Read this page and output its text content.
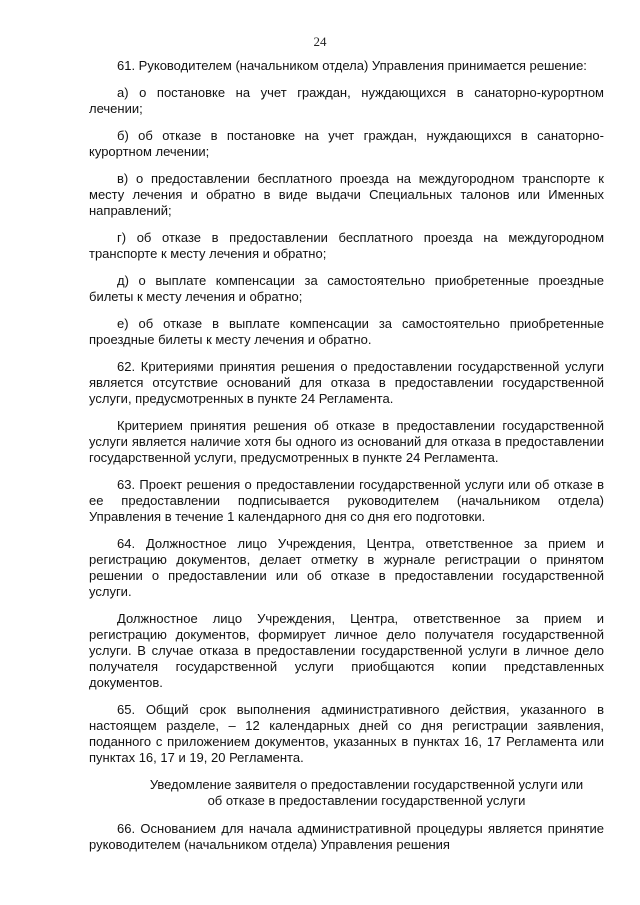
24

61. Руководителем (начальником отдела) Управления принимается решение:

а) о постановке на учет граждан, нуждающихся в санаторно-курортном лечении;

б) об отказе в постановке на учет граждан, нуждающихся в санаторно-курортном лечении;

в) о предоставлении бесплатного проезда на междугородном транспорте к месту лечения и обратно в виде выдачи Специальных талонов или Именных направлений;

г) об отказе в предоставлении бесплатного проезда на междугородном транспорте к месту лечения и обратно;

д) о выплате компенсации за самостоятельно приобретенные проездные билеты к месту лечения и обратно;

е) об отказе в выплате компенсации за самостоятельно приобретенные проездные билеты к месту лечения и обратно.

62. Критериями принятия решения о предоставлении государственной услуги является отсутствие оснований для отказа в предоставлении государственной услуги, предусмотренных в пункте 24 Регламента.

Критерием принятия решения об отказе в предоставлении государственной услуги является наличие хотя бы одного из оснований для отказа в предоставлении государственной услуги, предусмотренных в пункте 24 Регламента.

63. Проект решения о предоставлении государственной услуги или об отказе в ее предоставлении подписывается руководителем (начальником отдела) Управления в течение 1 календарного дня со дня его подготовки.

64. Должностное лицо Учреждения, Центра, ответственное за прием и регистрацию документов, делает отметку в журнале регистрации о принятом решении о предоставлении или об отказе в предоставлении государственной услуги.

Должностное лицо Учреждения, Центра, ответственное за прием и регистрацию документов, формирует личное дело получателя государственной услуги. В случае отказа в предоставлении государственной услуги в личное дело получателя государственной услуги приобщаются копии представленных документов.

65. Общий срок выполнения административного действия, указанного в настоящем разделе, – 12 календарных дней со дня регистрации заявления, поданного с приложением документов, указанных в пунктах 16, 17 Регламента или пунктах 16, 17 и 19, 20 Регламента.

Уведомление заявителя о предоставлении государственной услуги или
об отказе в предоставлении государственной услуги

66. Основанием для начала административной процедуры является принятие руководителем (начальником отдела) Управления решения
